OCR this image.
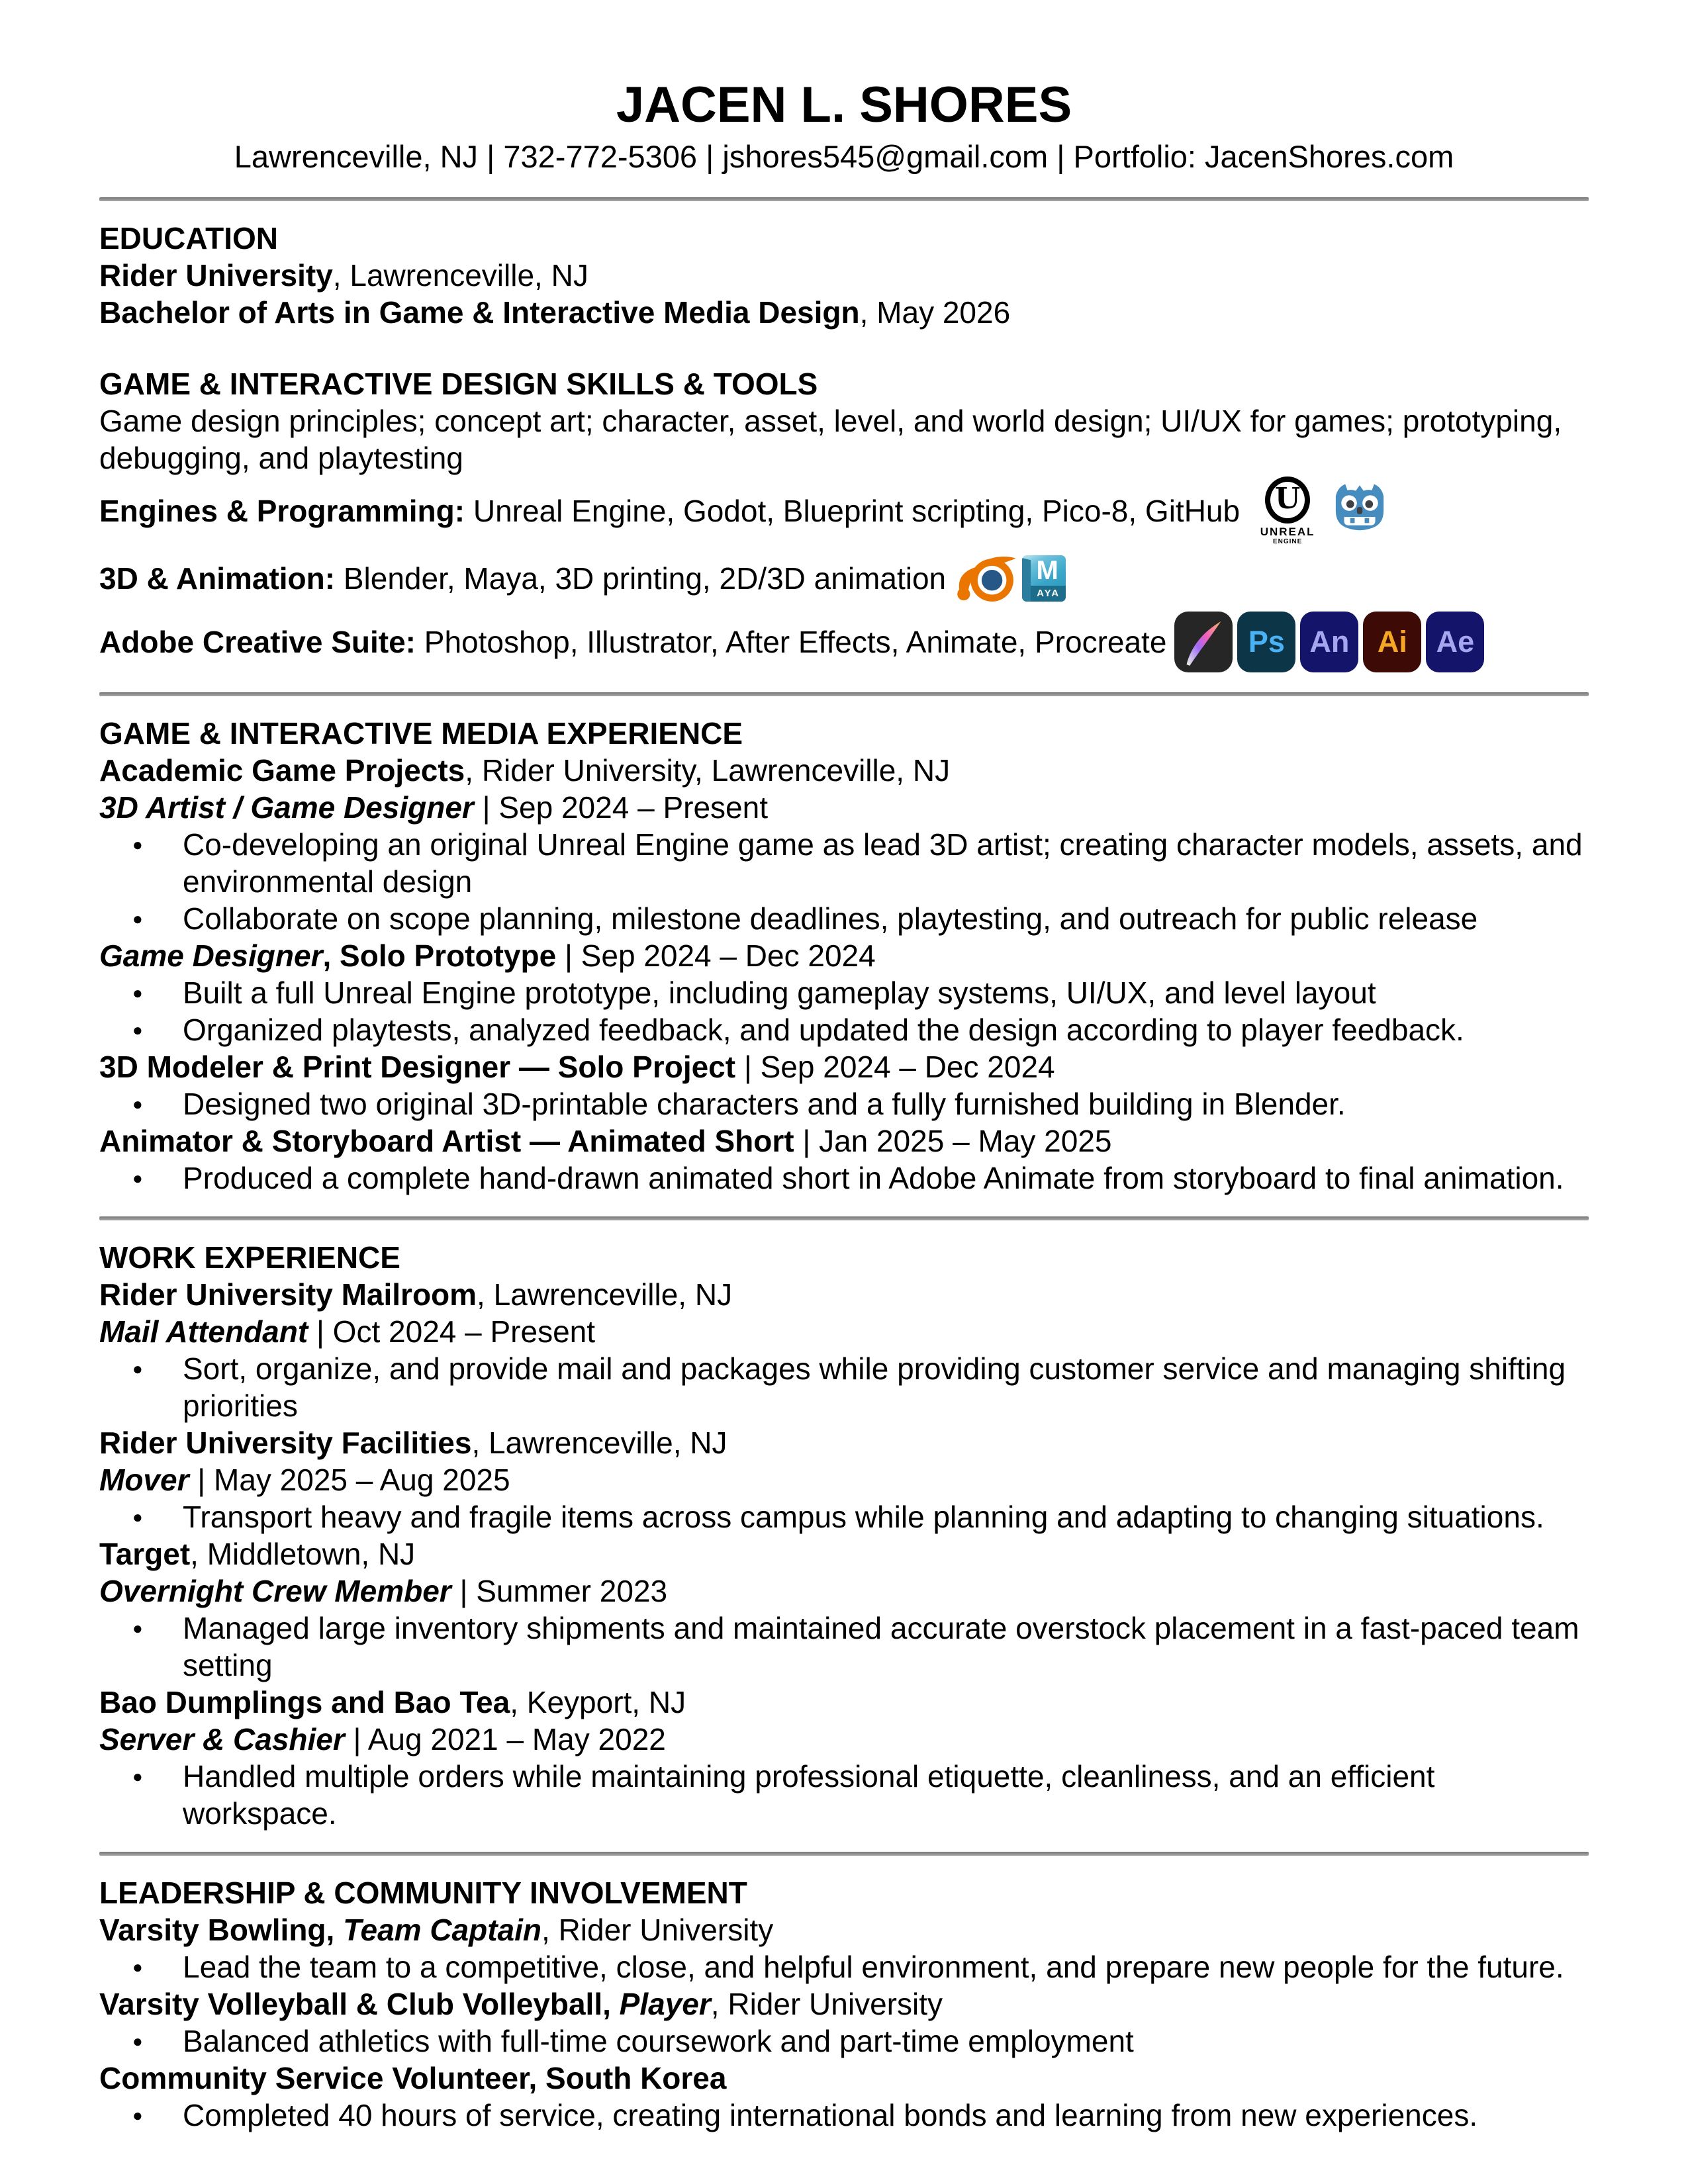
JACEN L. SHORES
Lawrenceville, NJ | 732-772-5306 | jshores545@gmail.com | Portfolio: JacenShores.com
EDUCATION
Rider University, Lawrenceville, NJ
Bachelor of Arts in Game & Interactive Media Design, May 2026
GAME & INTERACTIVE DESIGN SKILLS & TOOLS
Game design principles; concept art; character, asset, level, and world design; UI/UX for games; prototyping, debugging, and playtesting
Engines & Programming: Unreal Engine, Godot, Blueprint scripting, Pico-8, GitHub	U
UNREAL
ENGINE
3D & Animation: Blender, Maya, 3D printing, 2D/3D animation	M
AYA
Adobe Creative Suite: Photoshop, Illustrator, After Effects, Animate, Procreate	Ps An Ai Ae
GAME & INTERACTIVE MEDIA EXPERIENCE
Academic Game Projects, Rider University, Lawrenceville, NJ
3D Artist / Game Designer | Sep 2024 – Present
●	Co-developing an original Unreal Engine game as lead 3D artist; creating character models, assets, and environmental design
●	Collaborate on scope planning, milestone deadlines, playtesting, and outreach for public release
Game Designer, Solo Prototype | Sep 2024 – Dec 2024
●	Built a full Unreal Engine prototype, including gameplay systems, UI/UX, and level layout
●	Organized playtests, analyzed feedback, and updated the design according to player feedback.
3D Modeler & Print Designer — Solo Project | Sep 2024 – Dec 2024
●	Designed two original 3D-printable characters and a fully furnished building in Blender.
Animator & Storyboard Artist — Animated Short | Jan 2025 – May 2025
●	Produced a complete hand-drawn animated short in Adobe Animate from storyboard to final animation.
WORK EXPERIENCE
Rider University Mailroom, Lawrenceville, NJ
Mail Attendant | Oct 2024 – Present
●	Sort, organize, and provide mail and packages while providing customer service and managing shifting priorities
Rider University Facilities, Lawrenceville, NJ
Mover | May 2025 – Aug 2025
●	Transport heavy and fragile items across campus while planning and adapting to changing situations.
Target, Middletown, NJ
Overnight Crew Member | Summer 2023
●	Managed large inventory shipments and maintained accurate overstock placement in a fast-paced team setting
Bao Dumplings and Bao Tea, Keyport, NJ
Server & Cashier | Aug 2021 – May 2022
●	Handled multiple orders while maintaining professional etiquette, cleanliness, and an efficient workspace.
LEADERSHIP & COMMUNITY INVOLVEMENT
Varsity Bowling, Team Captain, Rider University
●	Lead the team to a competitive, close, and helpful environment, and prepare new people for the future.
Varsity Volleyball & Club Volleyball, Player, Rider University
●	Balanced athletics with full-time coursework and part-time employment
Community Service Volunteer, South Korea
●	Completed 40 hours of service, creating international bonds and learning from new experiences.
